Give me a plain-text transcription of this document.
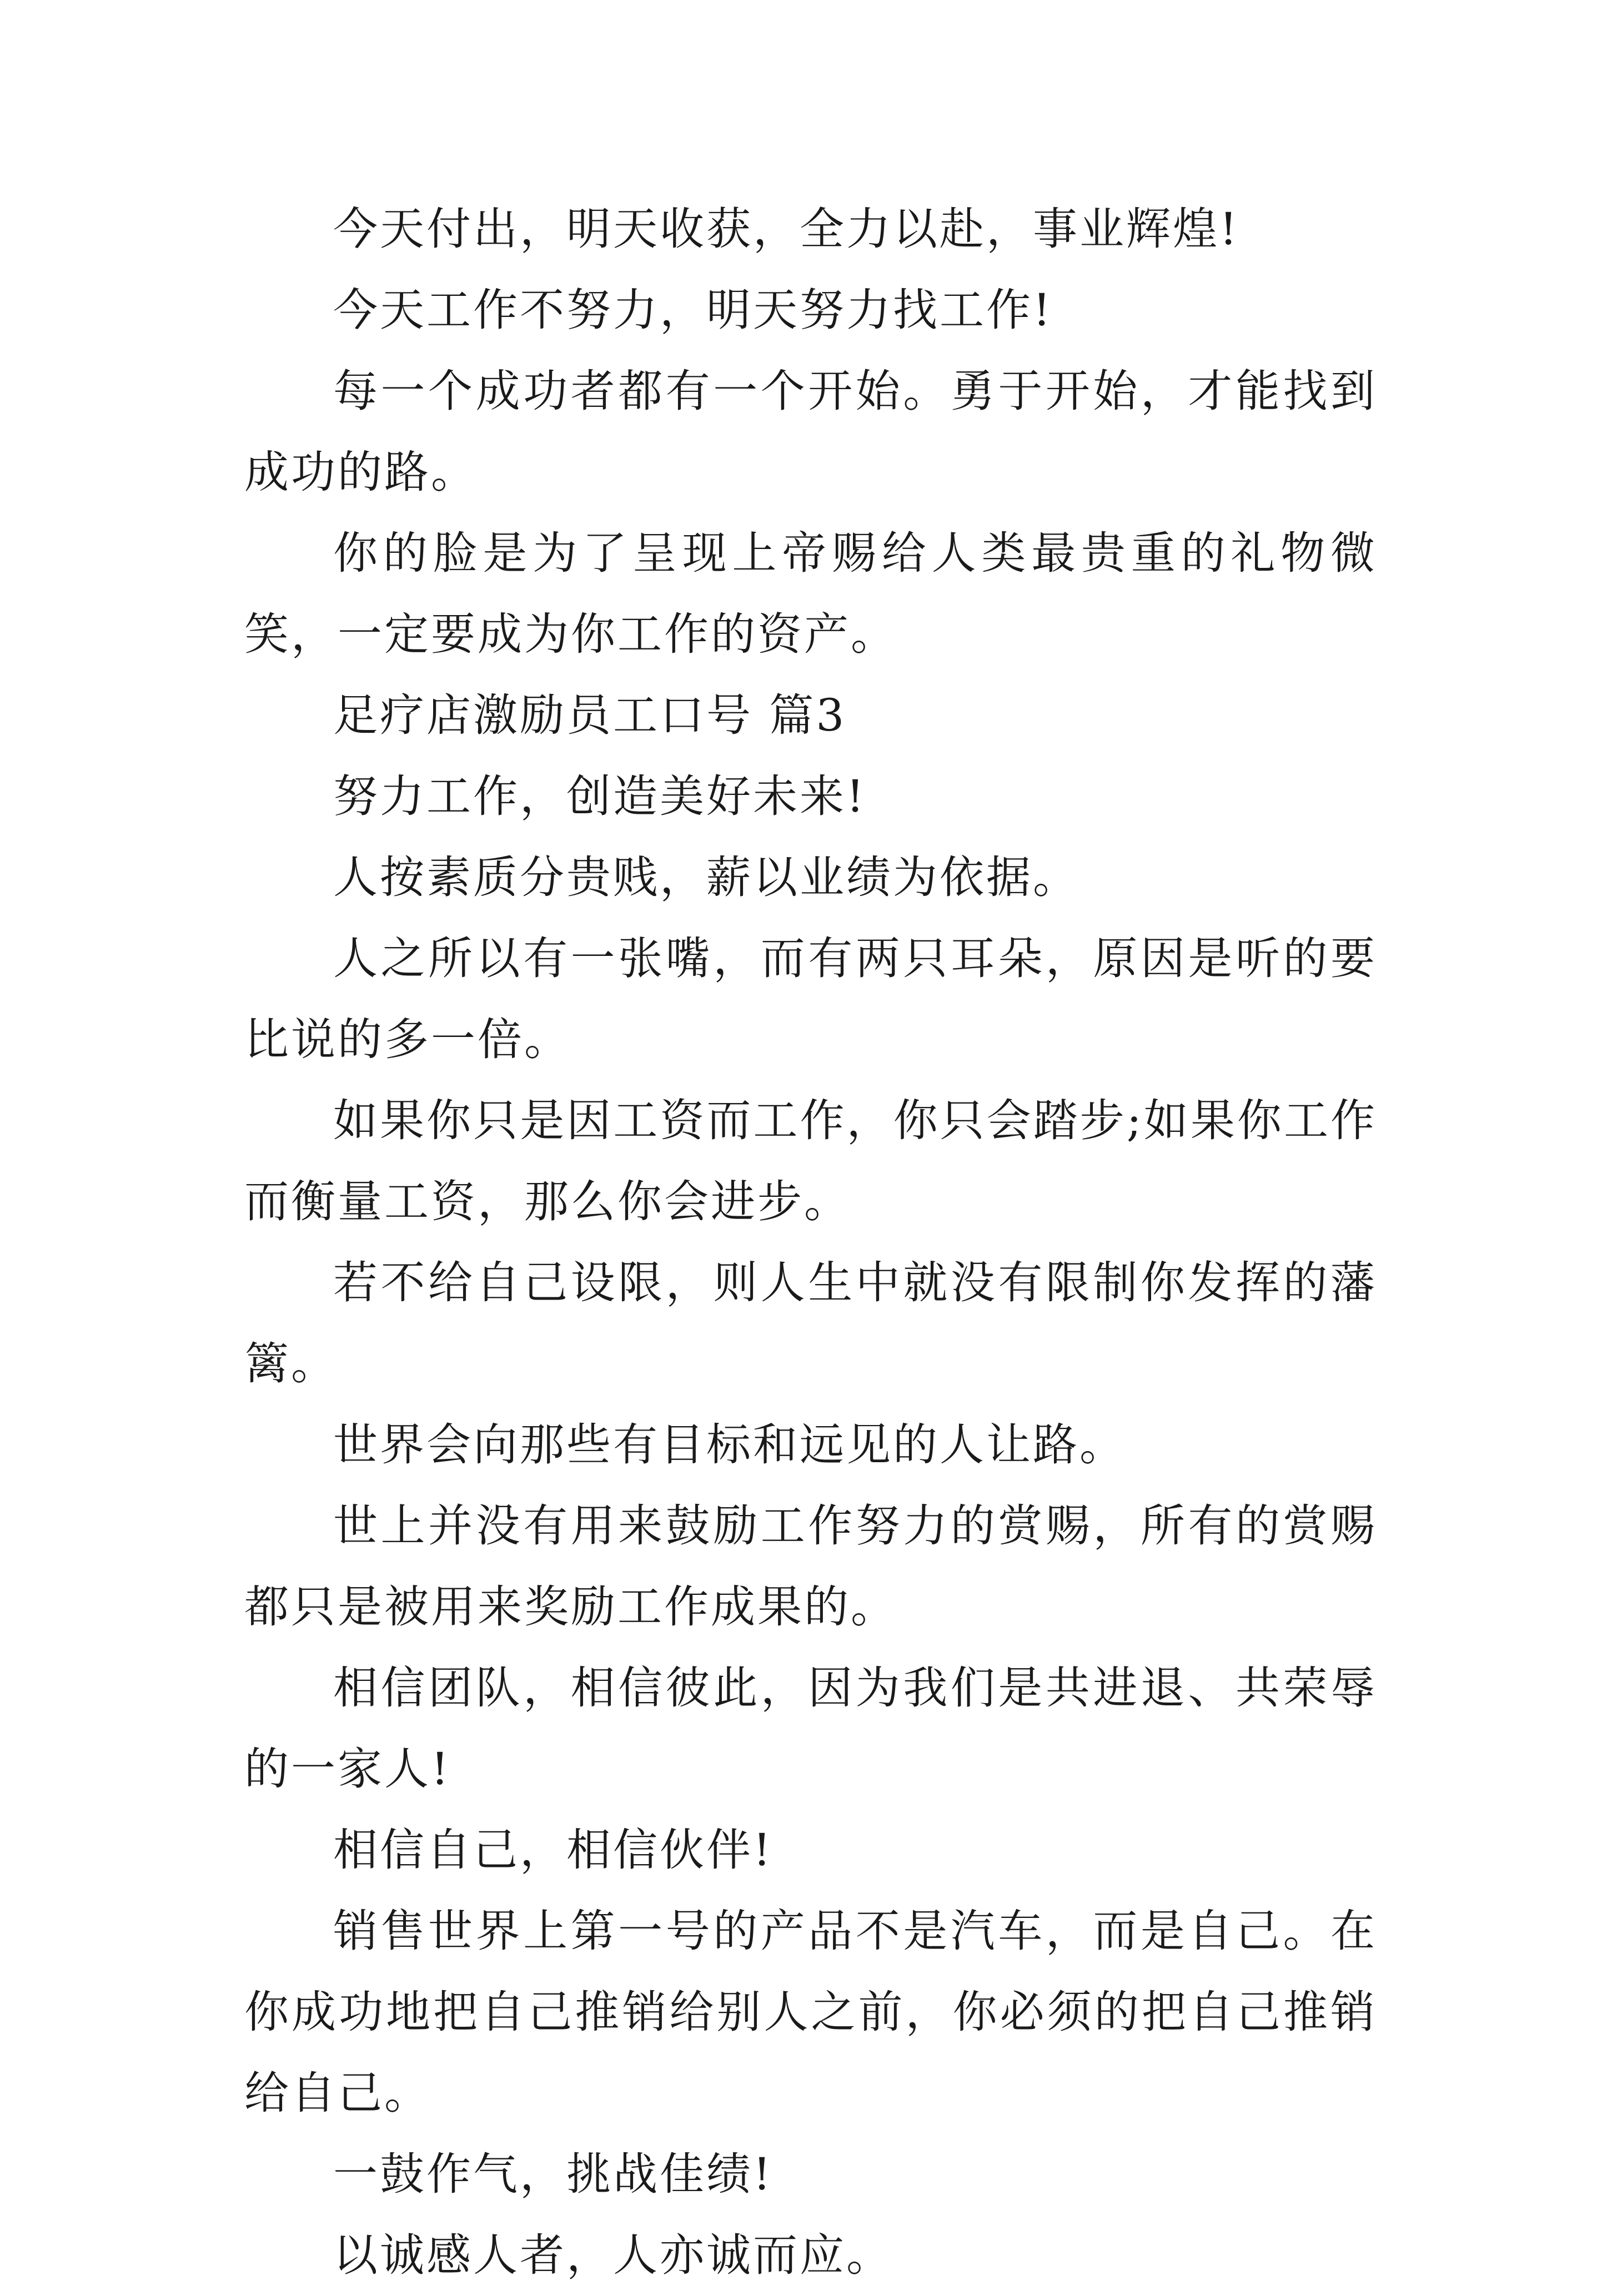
今天付出，明天收获，全力以赴，事业辉煌!

今天工作不努力，明天努力找工作!

每一个成功者都有一个开始。勇于开始，才能找到成功的路。

你的脸是为了呈现上帝赐给人类最贵重的礼物微笑，一定要成为你工作的资产。

足疗店激励员工口号 篇3

努力工作，创造美好未来!

人按素质分贵贱，薪以业绩为依据。

人之所以有一张嘴，而有两只耳朵，原因是听的要比说的多一倍。

如果你只是因工资而工作，你只会踏步;如果你工作而衡量工资，那么你会进步。

若不给自己设限，则人生中就没有限制你发挥的藩篱。

世界会向那些有目标和远见的人让路。

世上并没有用来鼓励工作努力的赏赐，所有的赏赐都只是被用来奖励工作成果的。

相信团队，相信彼此，因为我们是共进退、共荣辱的一家人!

相信自己，相信伙伴!

销售世界上第一号的产品不是汽车，而是自己。在你成功地把自己推销给别人之前，你必须的把自己推销给自己。

一鼓作气，挑战佳绩!

以诚感人者，人亦诚而应。
